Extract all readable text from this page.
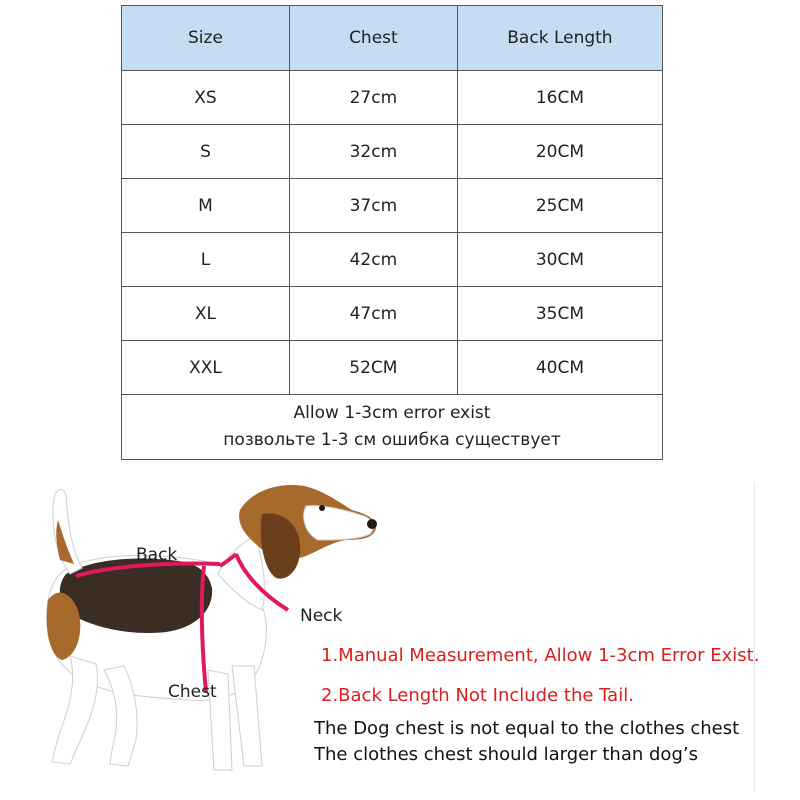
Size	Chest	Back Length
XS	27cm	16CM
S	32cm	20CM
M	37cm	25CM
L	42cm	30CM
XL	47cm	35CM
XXL	52CM	40CM

Allow 1-3cm error exist
позвольте 1-3 см ошибка существует		
Back
Neck
Chest
1.Manual Measurement, Allow 1-3cm Error Exist.
2.Back Length Not Include the Tail.
The Dog chest is not equal to the clothes chest
The clothes chest should larger than dog’s
